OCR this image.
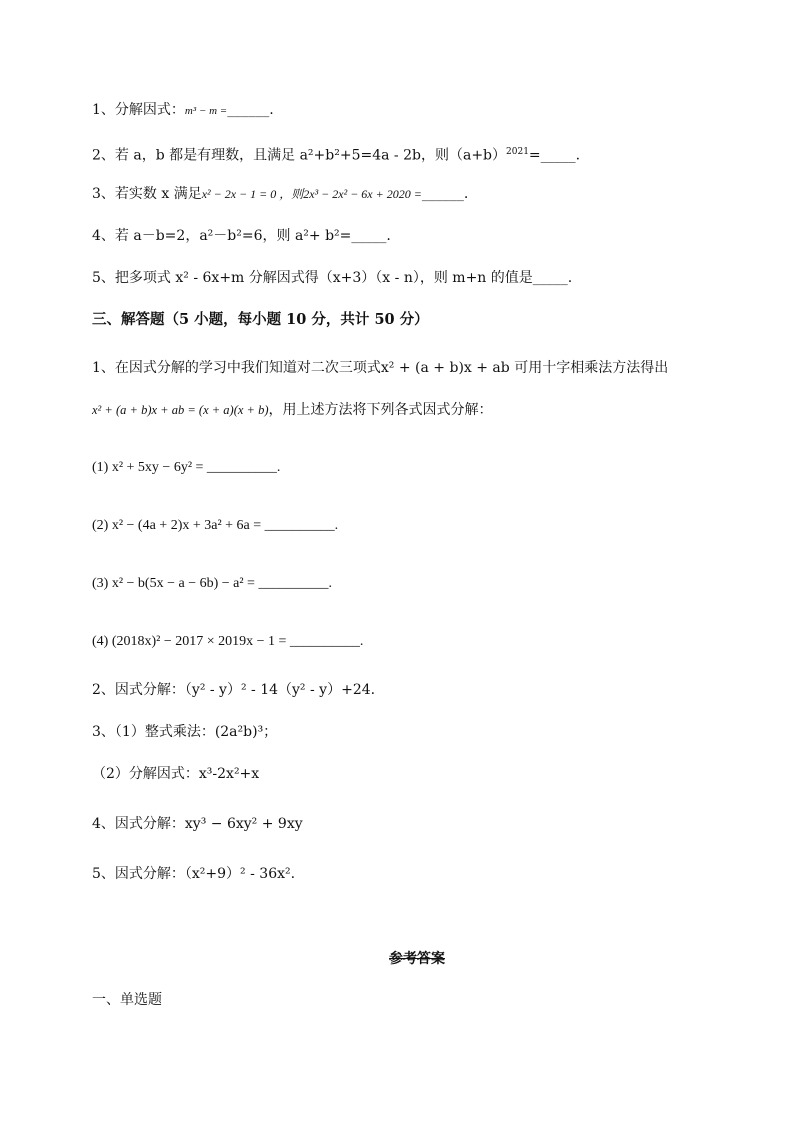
1、分解因式：m³ − m =______.
2、若 a，b 都是有理数，且满足 a²+b²+5=4a - 2b，则$(a+b)^{2021}=\_\_\_\_\_$.
3、若实数 x 满足x² − 2x − 1 = 0 ，则2x³ − 2x² − 6x + 2020 =______.
4、若 a－b=2，a²－b²=6，则 a²+ b²=_____.
5、把多项式 x² - 6x+m 分解因式得（x+3）（x - n），则 m+n 的值是_____.
三、解答题（5 小题，每小题 10 分，共计 50 分）
1、在因式分解的学习中我们知道对二次三项式x² + (a + b)x + ab 可用十字相乘法方法得出
x² + (a + b)x + ab = (x + a)(x + b)，用上述方法将下列各式因式分解：
(1) x² + 5xy − 6y² = __________.
(2) x² − (4a + 2)x + 3a² + 6a = __________.
(3) x² − b(5x − a − 6b) − a² = __________.
(4) (2018x)² − 2017 × 2019x − 1 = __________.
2、因式分解：（y² - y）² - 14（y² - y）+24.
3、（1）整式乘法：(2a²b)³；
（2）分解因式：x³-2x²+x
4、因式分解：xy³ − 6xy² + 9xy
5、因式分解：（x²+9）² - 36x².
参考答案
一、单选题
